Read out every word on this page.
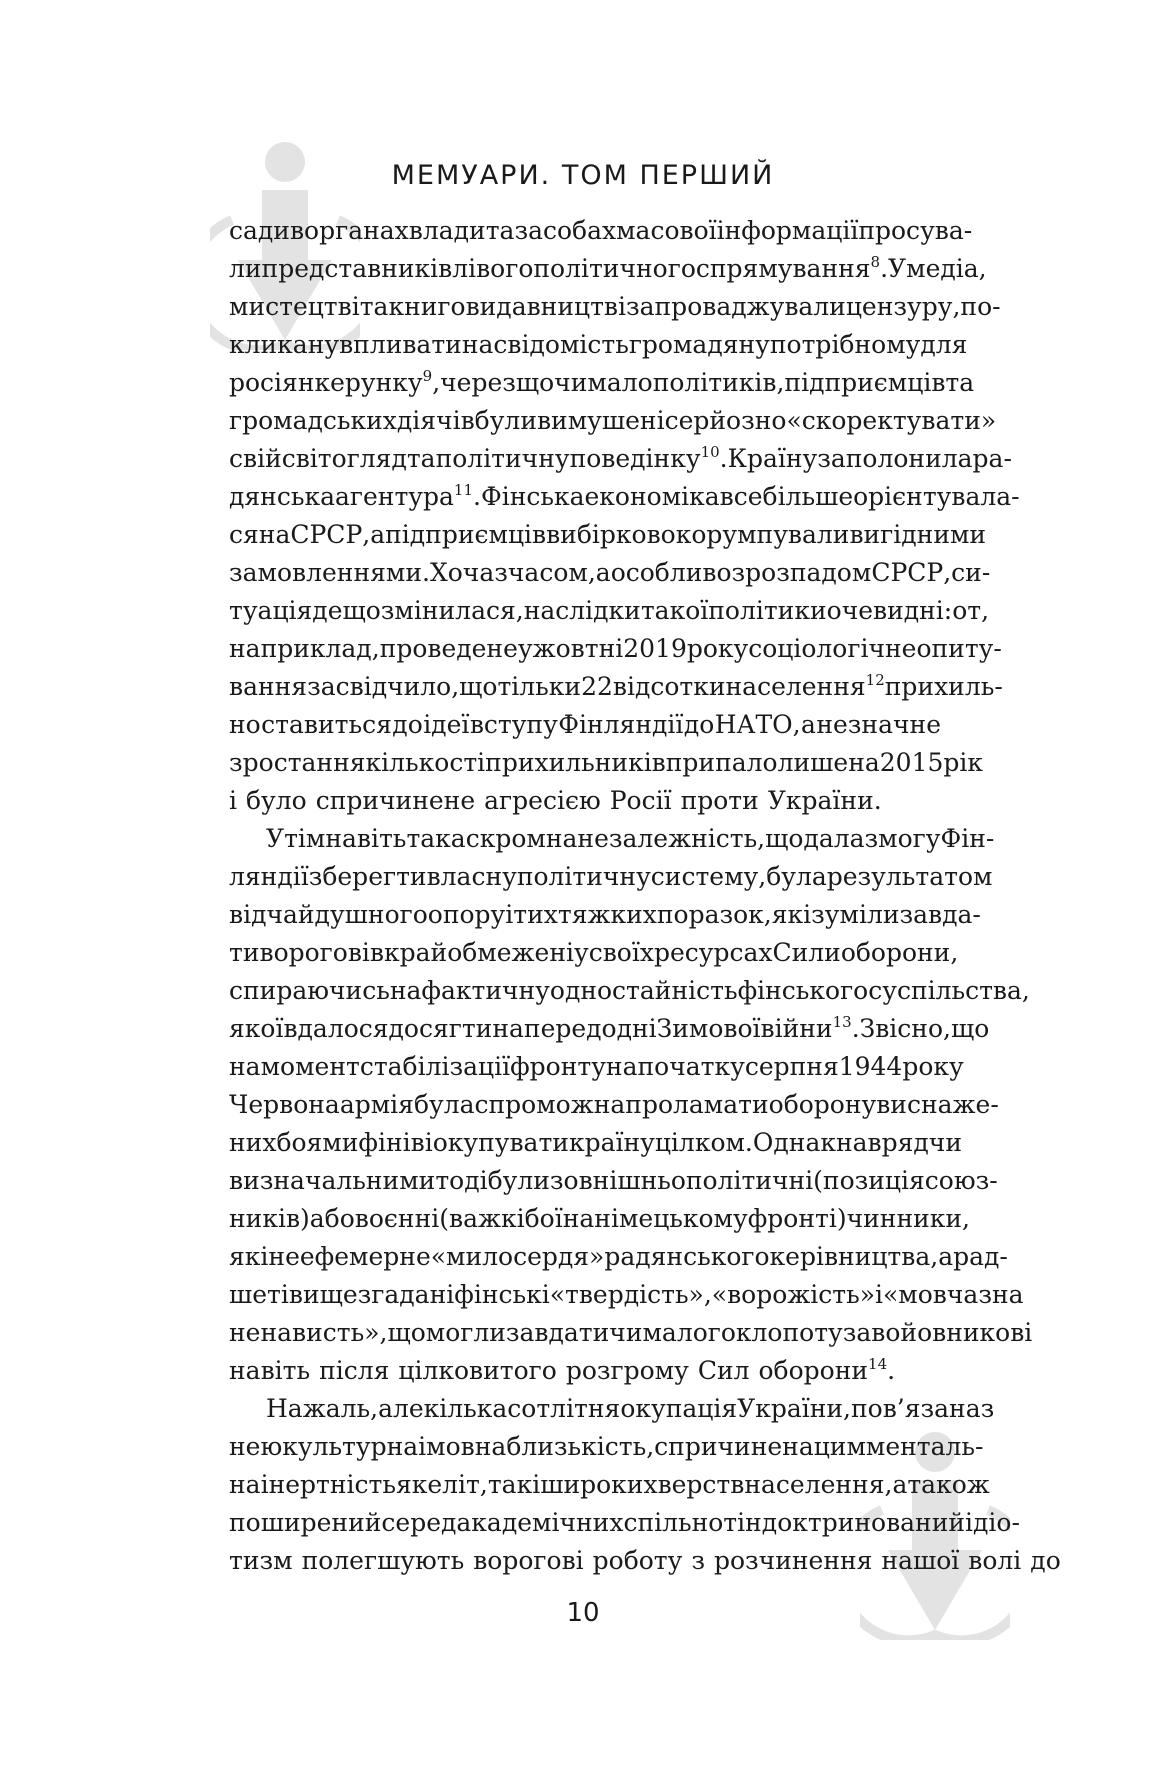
МЕМУАРИ. ТОМ ПЕРШИЙ
сади в органах влади та засобах масової інформації просува-
ли представників лівого політичного спрямування$^8$. У медіа,
мистецтві та книговидавництві запроваджували цензуру, по-
кликану впливати на свідомість громадян у потрібному для
росіян керунку$^9$, через що чимало політиків, підприємців та
громадських діячів були вимушені серйозно «скоректувати»
свій світогляд та політичну поведінку$^{10}$. Країну заполонила ра-
дянська агентура$^{11}$. Фінська економіка все більше орієнтувала-
ся на СРСР, а підприємців вибірково корумпували вигідними
замовленнями. Хоча з часом, а особливо з розпадом СРСР, си-
туація дещо змінилася, наслідки такої політики очевидні: от,
наприклад, проведене у жовтні 2019 року соціологічне опиту-
вання засвідчило, що тільки 22 відсотки населення$^{12}$ прихиль-
но ставиться до ідеї вступу Фінляндії до НАТО, а незначне
зростання кількості прихильників припало лише на 2015 рік
і було спричинене агресією Росії проти України.
Утім навіть така скромна незалежність, що дала змогу Фін-
ляндії зберегти власну політичну систему, була результатом
відчайдушного опору і тих тяжких поразок, які зуміли завда-
ти ворогові вкрай обмежені у своїх ресурсах Сили оборони,
спираючись на фактичну одностайність фінського суспільства,
якої вдалося досягти напередодні Зимової війни$^{13}$. Звісно, що
на момент стабілізації фронту на початку серпня 1944 року
Червона армія була спроможна проламати оборону виснаже-
них боями фінів і окупувати країну цілком. Однак навряд чи
визначальними тоді були зовнішньополітичні (позиція союз-
ників) або воєнні (важкі бої на німецькому фронті) чинники,
як і не ефемерне «милосердя» радянського керівництва, а рад-
ше ті вищезгадані фінські «твердість», «ворожість» і «мовчазна
ненависть», що могли завдати чималого клопоту завойовникові
навіть після цілковитого розгрому Сил оборони$^{14}$.
На жаль, але кількасотлітня окупація України, пов’язана з
нею культурна і мовна близькість, спричинена цим менталь-
на інертність як еліт, так і широких верств населення, а також
поширений серед академічних спільнот індоктринований ідіо-
тизм полегшують ворогові роботу з розчинення нашої волі до
10
